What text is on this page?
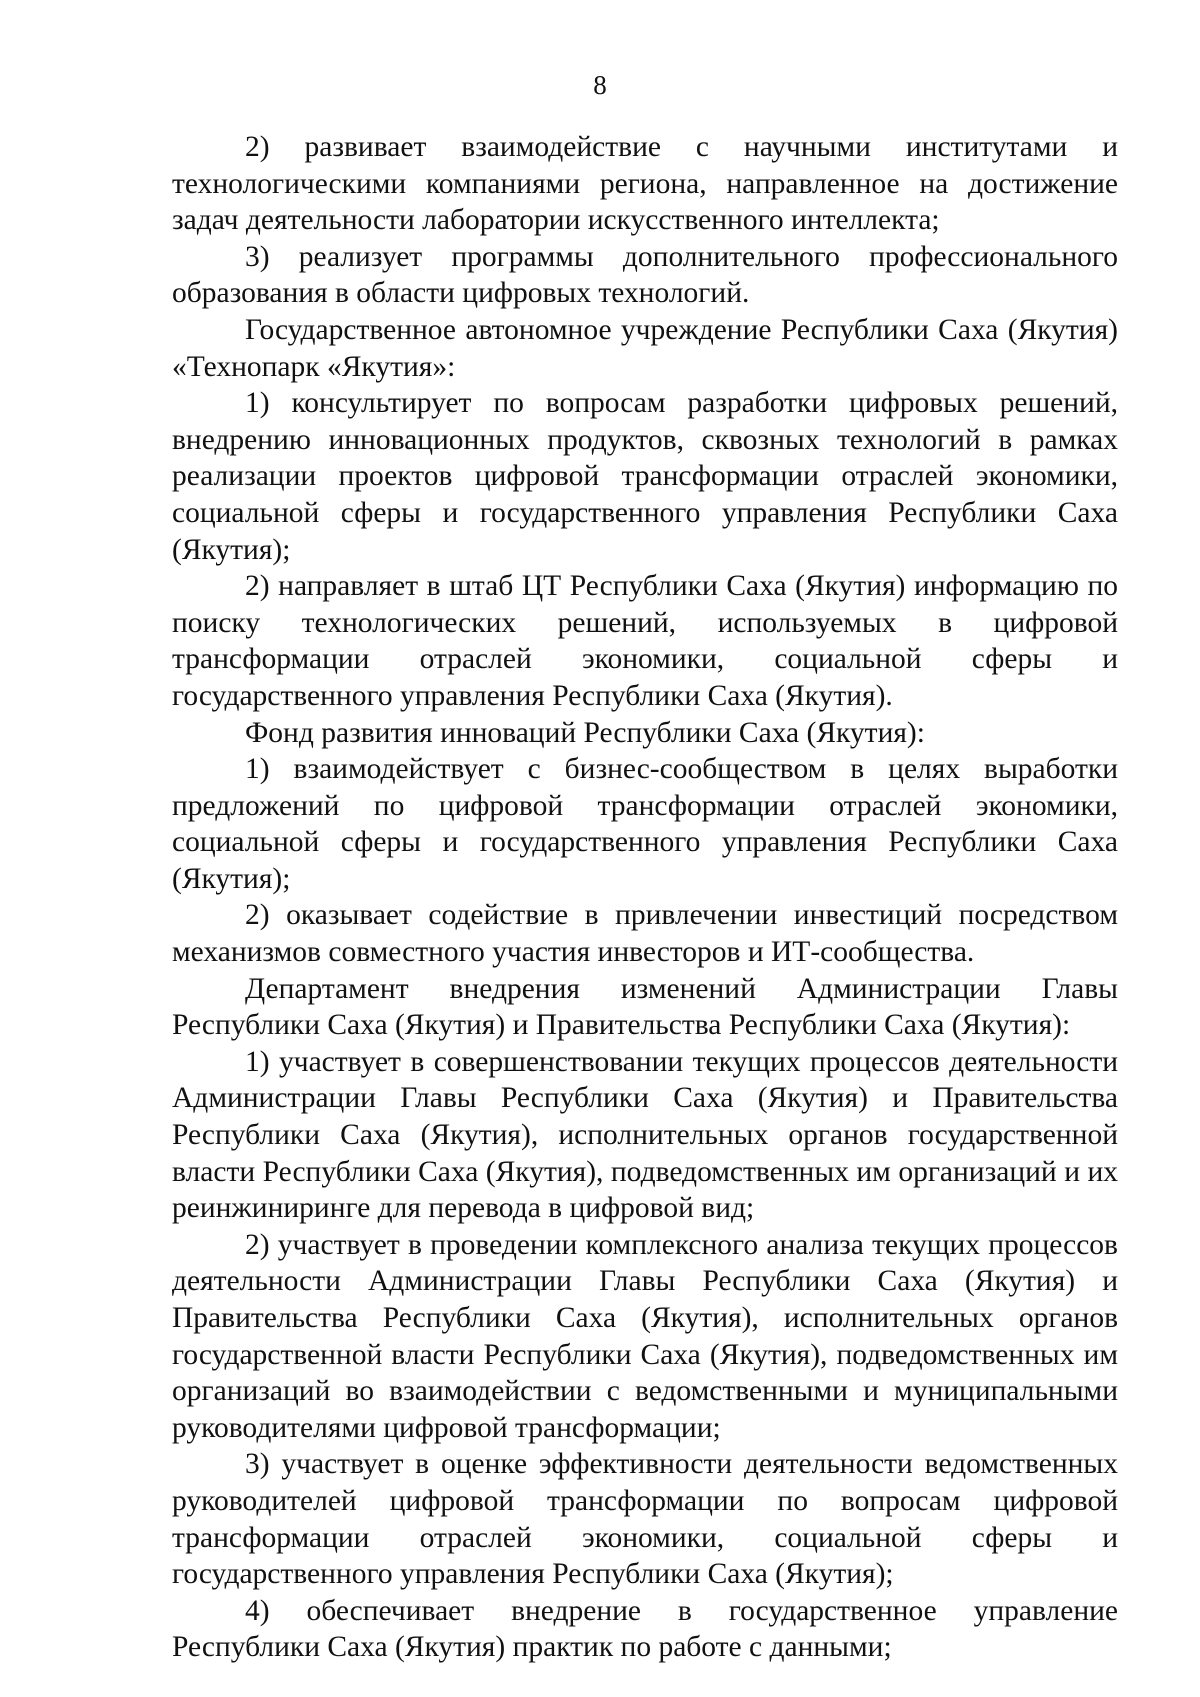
8

2) развивает взаимодействие с научными институтами и технологическими компаниями региона, направленное на достижение задач деятельности лаборатории искусственного интеллекта;

3) реализует программы дополнительного профессионального образования в области цифровых технологий.

Государственное автономное учреждение Республики Саха (Якутия) «Технопарк «Якутия»:

1) консультирует по вопросам разработки цифровых решений, внедрению инновационных продуктов, сквозных технологий в рамках реализации проектов цифровой трансформации отраслей экономики, социальной сферы и государственного управления Республики Саха (Якутия);

2) направляет в штаб ЦТ Республики Саха (Якутия) информацию по поиску технологических решений, используемых в цифровой трансформации отраслей экономики, социальной сферы и государственного управления Республики Саха (Якутия).

Фонд развития инноваций Республики Саха (Якутия):

1) взаимодействует с бизнес-сообществом в целях выработки предложений по цифровой трансформации отраслей экономики, социальной сферы и государственного управления Республики Саха (Якутия);

2) оказывает содействие в привлечении инвестиций посредством механизмов совместного участия инвесторов и ИТ-сообщества.

Департамент внедрения изменений Администрации Главы Республики Саха (Якутия) и Правительства Республики Саха (Якутия):

1) участвует в совершенствовании текущих процессов деятельности Администрации Главы Республики Саха (Якутия) и Правительства Республики Саха (Якутия), исполнительных органов государственной власти Республики Саха (Якутия), подведомственных им организаций и их реинжиниринге для перевода в цифровой вид;

2) участвует в проведении комплексного анализа текущих процессов деятельности Администрации Главы Республики Саха (Якутия) и Правительства Республики Саха (Якутия), исполнительных органов государственной власти Республики Саха (Якутия), подведомственных им организаций во взаимодействии с ведомственными и муниципальными руководителями цифровой трансформации;

3) участвует в оценке эффективности деятельности ведомственных руководителей цифровой трансформации по вопросам цифровой трансформации отраслей экономики, социальной сферы и государственного управления Республики Саха (Якутия);

4) обеспечивает внедрение в государственное управление Республики Саха (Якутия) практик по работе с данными;
